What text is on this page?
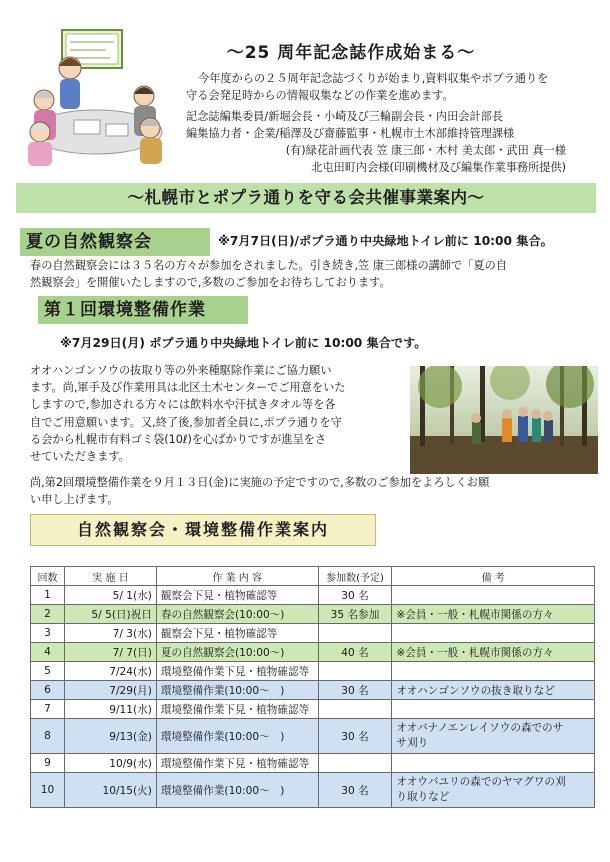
～25 周年記念誌作成始まる～

今年度からの２５周年記念誌づくりが始まり,資料収集やポプラ通りを

守る会発足時からの情報収集などの作業を進めます。

記念誌編集委員/新堀会長・小崎及び三輪副会長・内田会計部長

編集協力者・企業/稲澤及び齋藤監事・札幌市土木部維持管理課様

(有)緑花計画代表 笠 康三郎・木村 美太郎・武田 真一様

北屯田町内会様(印刷機材及び編集作業事務所提供)

～札幌市とポプラ通りを守る会共催事業案内～
夏の自然観察会	※7月7日(日)/ポプラ通り中央緑地トイレ前に 10:00 集合。

春の自然観察会には３５名の方々が参加をされました。引き続き,笠 康三郎様の講師で「夏の自

然観察会」を開催いたしますので,多数のご参加をお待ちしております。

第１回環境整備作業
※7月29日(月) ポプラ通り中央緑地トイレ前に 10:00 集合です。

オオハンゴンソウの抜取り等の外来種駆除作業にご協力願い

ます。尚,軍手及び作業用具は北区土木センターでご用意をいた

しますので,参加される方々には飲料水や汗拭きタオル等を各

自でご用意願います。又,終了後,参加者全員に,ポプラ通りを守

る会から札幌市有料ゴミ袋(10ℓ)を心ばかりですが進呈をさ

せていただきます。

尚,第2回環境整備作業を９月１３日(金)に実施の予定ですので,多数のご参加をよろしくお願

い申し上げます。

自然観察会・環境整備作業案内
回数	実 施 日	作 業 内 容	参加数(予定)	備 考
1	5/ 1(水)	観察会下見・植物確認等	30 名	
2	5/ 5(日)祝日	春の自然観察会(10:00～)	35 名参加	※会員・一般・札幌市関係の方々
3	7/ 3(水)	観察会下見・植物確認等		
4	7/ 7(日)	夏の自然観察会(10:00～)	40 名	※会員・一般・札幌市関係の方々
5	7/24(水)	環境整備作業下見・植物確認等		
6	7/29(月)	環境整備作業(10:00～　)	30 名	オオハンゴンソウの抜き取りなど
7	9/11(水)	環境整備作業下見・植物確認等		
8	9/13(金)	環境整備作業(10:00～　)	30 名	オオバナノエンレイソウの森でのサ
サ刈り

9	10/9(水)	環境整備作業下見・植物確認等		
10	10/15(火)	環境整備作業(10:00～　)	30 名	オオウバユリの森でのヤマグワの刈
り取りなど
